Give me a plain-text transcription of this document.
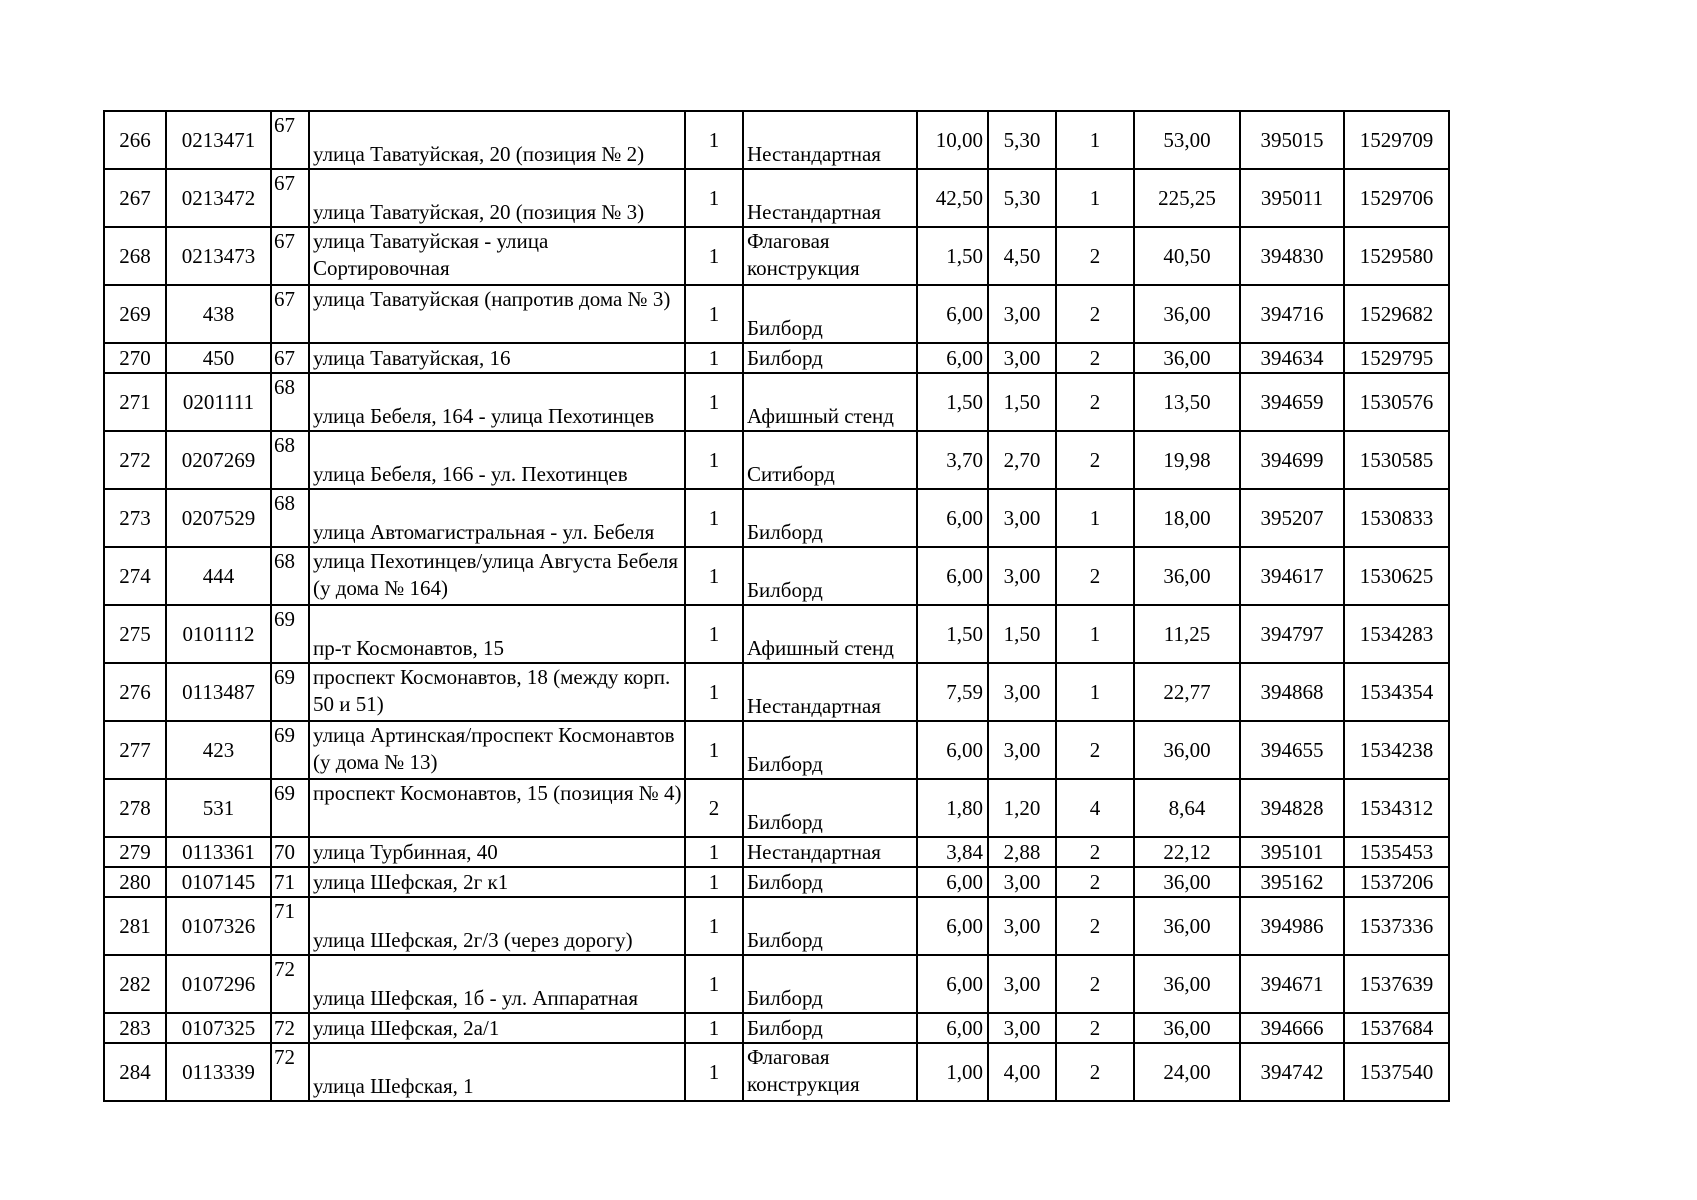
266	0213471	67	улица Таватуйская, 20 (позиция № 2)	1	Нестандартная	10,00	5,30	1	53,00	395015	1529709
267	0213472	67	улица Таватуйская, 20 (позиция № 3)	1	Нестандартная	42,50	5,30	1	225,25	395011	1529706
268	0213473	67	улица Таватуйская - улица Сортировочная	1	Флаговая конструкция	1,50	4,50	2	40,50	394830	1529580
269	438	67	улица Таватуйская (напротив дома № 3)	1	Билборд	6,00	3,00	2	36,00	394716	1529682
270	450	67	улица Таватуйская, 16	1	Билборд	6,00	3,00	2	36,00	394634	1529795
271	0201111	68	улица Бебеля, 164 - улица Пехотинцев	1	Афишный стенд	1,50	1,50	2	13,50	394659	1530576
272	0207269	68	улица Бебеля, 166 - ул. Пехотинцев	1	Ситиборд	3,70	2,70	2	19,98	394699	1530585
273	0207529	68	улица Автомагистральная - ул. Бебеля	1	Билборд	6,00	3,00	1	18,00	395207	1530833
274	444	68	улица Пехотинцев/улица Августа Бебеля (у дома № 164)	1	Билборд	6,00	3,00	2	36,00	394617	1530625
275	0101112	69	пр-т Космонавтов, 15	1	Афишный стенд	1,50	1,50	1	11,25	394797	1534283
276	0113487	69	проспект Космонавтов, 18 (между корп. 50 и 51)	1	Нестандартная	7,59	3,00	1	22,77	394868	1534354
277	423	69	улица Артинская/проспект Космонавтов (у дома № 13)	1	Билборд	6,00	3,00	2	36,00	394655	1534238
278	531	69	проспект Космонавтов, 15 (позиция № 4)	2	Билборд	1,80	1,20	4	8,64	394828	1534312
279	0113361	70	улица Турбинная, 40	1	Нестандартная	3,84	2,88	2	22,12	395101	1535453
280	0107145	71	улица Шефская, 2г к1	1	Билборд	6,00	3,00	2	36,00	395162	1537206
281	0107326	71	улица Шефская, 2г/3 (через дорогу)	1	Билборд	6,00	3,00	2	36,00	394986	1537336
282	0107296	72	улица Шефская, 1б - ул. Аппаратная	1	Билборд	6,00	3,00	2	36,00	394671	1537639
283	0107325	72	улица Шефская, 2а/1	1	Билборд	6,00	3,00	2	36,00	394666	1537684
284	0113339	72	улица Шефская, 1	1	Флаговая конструкция	1,00	4,00	2	24,00	394742	1537540
